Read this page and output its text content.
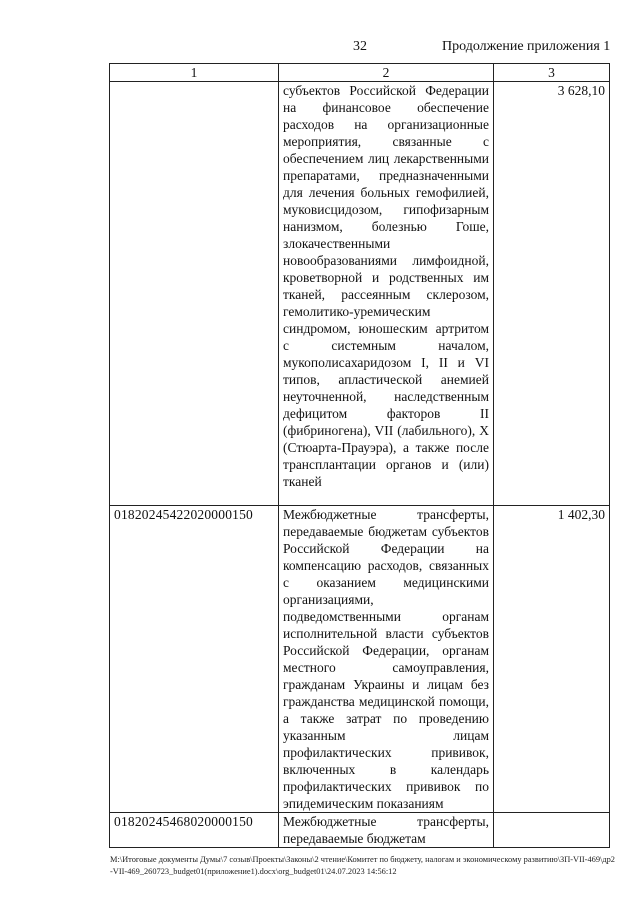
32	Продолжение приложения 1
1	2	3
	субъектов Российской Федерации на финансовое обеспечение расходов на организационные мероприятия, связанные с обеспечением лиц лекарственными препаратами, предназначенными для лечения больных гемофилией, муковисцидозом, гипофизарным нанизмом, болезнью Гоше, злокачественными новообразованиями лимфоидной, кроветворной и родственных им тканей, рассеянным склерозом, гемолитико-уремическим синдромом, юношеским артритом с системным началом, мукополисахаридозом I, II и VI типов, апластической анемией неуточненной, наследственным дефицитом факторов II (фибриногена), VII (лабильного), X (Стюарта-Прауэра), а также после трансплантации органов и (или) тканей	3 628,10
01820245422020000150	Межбюджетные трансферты, передаваемые бюджетам субъектов Российской Федерации на компенсацию расходов, связанных с оказанием медицинскими организациями, подведомственными органам исполнительной власти субъектов Российской Федерации, органам местного самоуправления, гражданам Украины и лицам без гражданства медицинской помощи, а также затрат по проведению указанным лицам профилактических прививок, включенных в календарь профилактических прививок по эпидемическим показаниям	1 402,30
01820245468020000150	Межбюджетные трансферты, передаваемые бюджетам	
M:\Итоговые документы Думы\7 созыв\Проекты\Законы\2 чтение\Комитет по бюджету, налогам и экономическому развитию\ЗП-VII-469\др2-VII-469_260723_budget01(приложение1).docx\org_budget01\24.07.2023 14:56:12
